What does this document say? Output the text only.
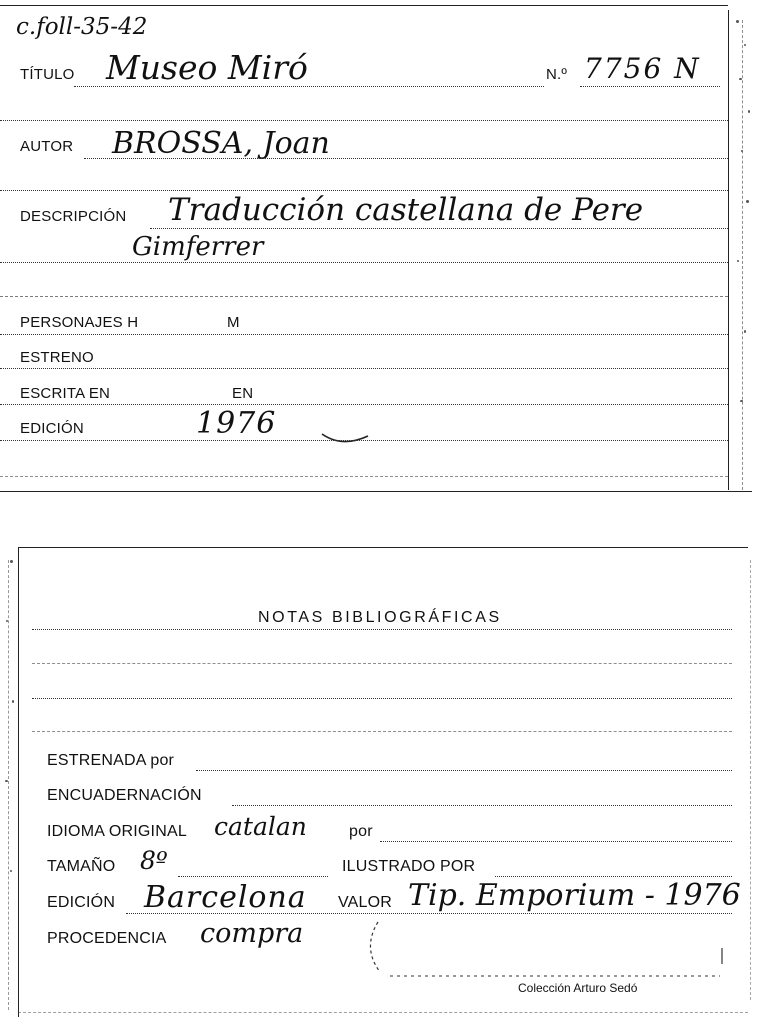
c.foll-35-42
TÍTULO Museo Miró	N.º 7756 N
AUTOR BROSSA, Joan
DESCRIPCIÓN Traducción castellana de Pere
Gimferrer
PERSONAJES H	M
ESTRENO
ESCRITA EN	EN
EDICIÓN	1976
NOTAS BIBLIOGRÁFICAS
ESTRENADA por
ENCUADERNACIÓN
IDIOMA ORIGINAL catalan	por
TAMAÑO 8º	ILUSTRADO POR
EDICIÓN Barcelona VALOR Tip. Emporium - 1976
PROCEDENCIA compra
Colección Arturo Sedó
